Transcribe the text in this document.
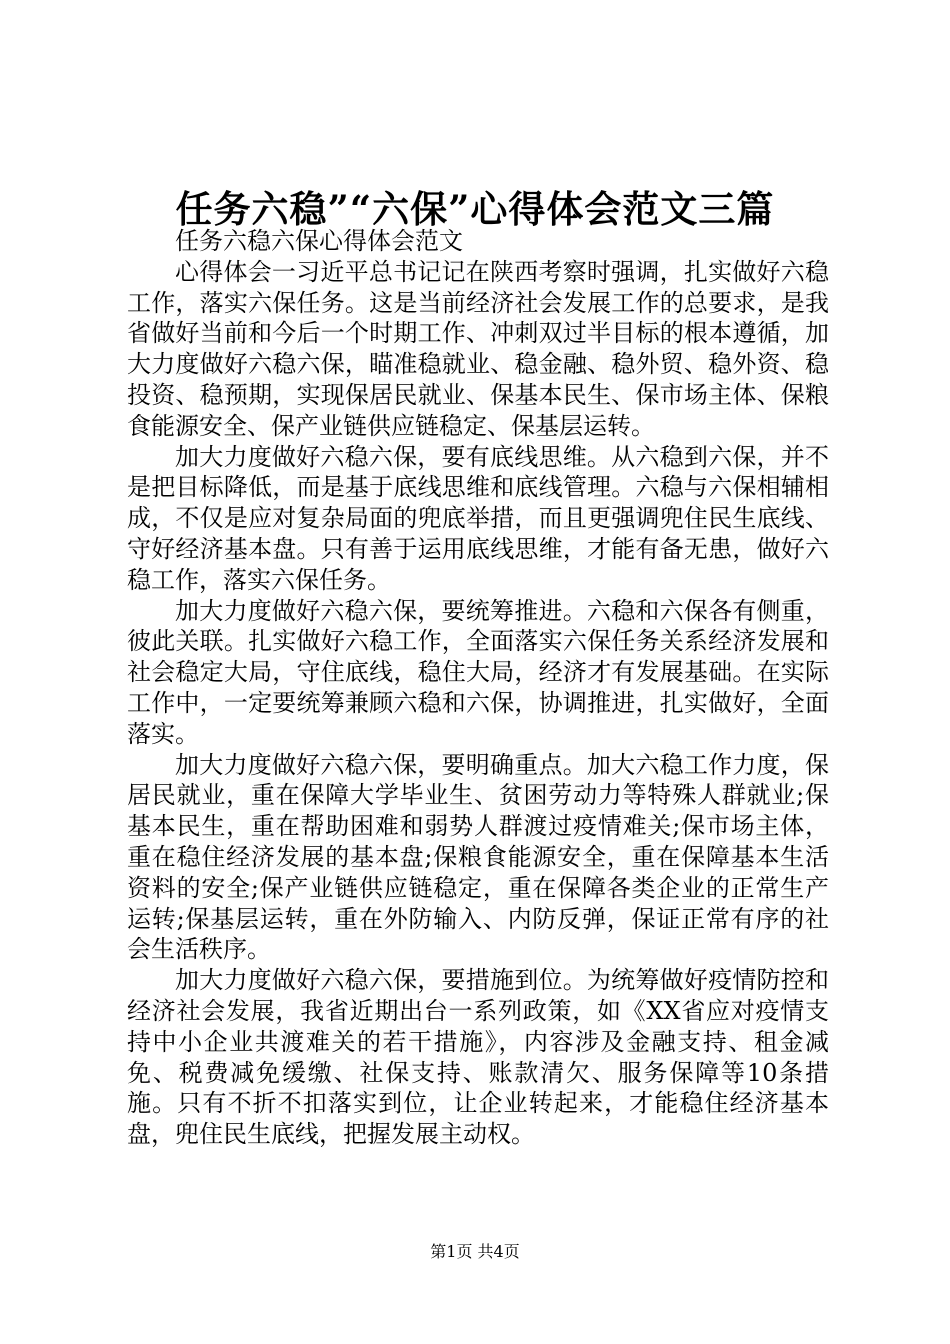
任务六稳”“六保”心得体会范文三篇

任务六稳六保心得体会范文

心得体会一习近平总书记记在陕西考察时强调，扎实做好六稳工作，落实六保任务。这是当前经济社会发展工作的总要求，是我省做好当前和今后一个时期工作、冲刺双过半目标的根本遵循，加大力度做好六稳六保，瞄准稳就业、稳金融、稳外贸、稳外资、稳投资、稳预期，实现保居民就业、保基本民生、保市场主体、保粮食能源安全、保产业链供应链稳定、保基层运转。

加大力度做好六稳六保，要有底线思维。从六稳到六保，并不是把目标降低，而是基于底线思维和底线管理。六稳与六保相辅相成，不仅是应对复杂局面的兜底举措，而且更强调兜住民生底线、守好经济基本盘。只有善于运用底线思维，才能有备无患，做好六稳工作，落实六保任务。

加大力度做好六稳六保，要统筹推进。六稳和六保各有侧重，彼此关联。扎实做好六稳工作，全面落实六保任务关系经济发展和社会稳定大局，守住底线，稳住大局，经济才有发展基础。在实际工作中，一定要统筹兼顾六稳和六保，协调推进，扎实做好，全面落实。

加大力度做好六稳六保，要明确重点。加大六稳工作力度，保居民就业，重在保障大学毕业生、贫困劳动力等特殊人群就业;保基本民生，重在帮助困难和弱势人群渡过疫情难关;保市场主体，重在稳住经济发展的基本盘;保粮食能源安全，重在保障基本生活资料的安全;保产业链供应链稳定，重在保障各类企业的正常生产运转;保基层运转，重在外防输入、内防反弹，保证正常有序的社会生活秩序。

加大力度做好六稳六保，要措施到位。为统筹做好疫情防控和经济社会发展，我省近期出台一系列政策，如《XX省应对疫情支持中小企业共渡难关的若干措施》，内容涉及金融支持、租金减免、税费减免缓缴、社保支持、账款清欠、服务保障等10条措施。只有不折不扣落实到位，让企业转起来，才能稳住经济基本盘，兜住民生底线，把握发展主动权。

第1页 共4页
